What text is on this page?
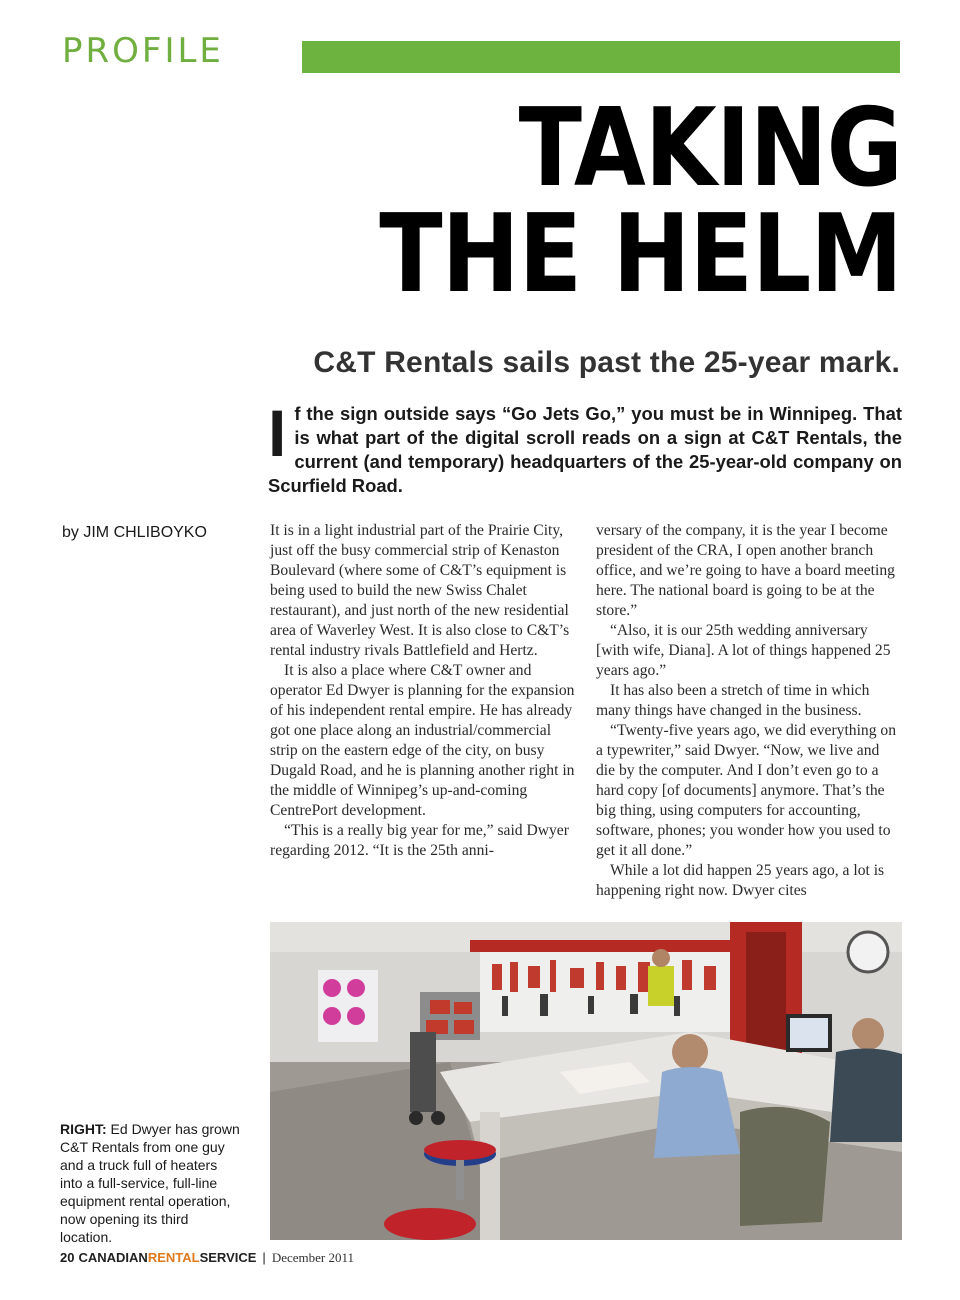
PROFILE
TAKING THE HELM
C&T Rentals sails past the 25-year mark.

If the sign outside says “Go Jets Go,” you must be in Winnipeg. That is what part of the digital scroll reads on a sign at C&T Rentals, the current (and temporary) headquarters of the 25-year-old company on Scurfield Road.

by JIM CHLIBOYKO	It is in a light industrial part of the Prairie City, just off the busy commercial strip of Kenaston Boulevard (where some of C&T’s equipment is being used to build the new Swiss Chalet restaurant), and just north of the new residential area of Waverley West. It is also close to C&T’s rental industry rivals Battlefield and Hertz.

It is also a place where C&T owner and operator Ed Dwyer is planning for the expansion of his independent rental empire. He has already got one place along an industrial/commercial strip on the eastern edge of the city, on busy Dugald Road, and he is planning another right in the middle of Winnipeg’s up-and-coming CentrePort development.

“This is a really big year for me,” said Dwyer regarding 2012. “It is the 25th anni-

versary of the company, it is the year I become president of the CRA, I open another branch office, and we’re going to have a board meeting here. The national board is going to be at the store.”

“Also, it is our 25th wedding anniversary [with wife, Diana]. A lot of things happened 25 years ago.”

It has also been a stretch of time in which many things have changed in the business.

“Twenty-five years ago, we did everything on a typewriter,” said Dwyer. “Now, we live and die by the computer. And I don’t even go to a hard copy [of documents] anymore. That’s the big thing, using computers for accounting, software, phones; you wonder how you used to get it all done.”

While a lot did happen 25 years ago, a lot is happening right now. Dwyer cites

RIGHT: Ed Dwyer has grown C&T Rentals from one guy and a truck full of heaters into a full-service, full-line equipment rental operation, now opening its third location.
20 CANADIANRENTALSERVICE | December 2011
